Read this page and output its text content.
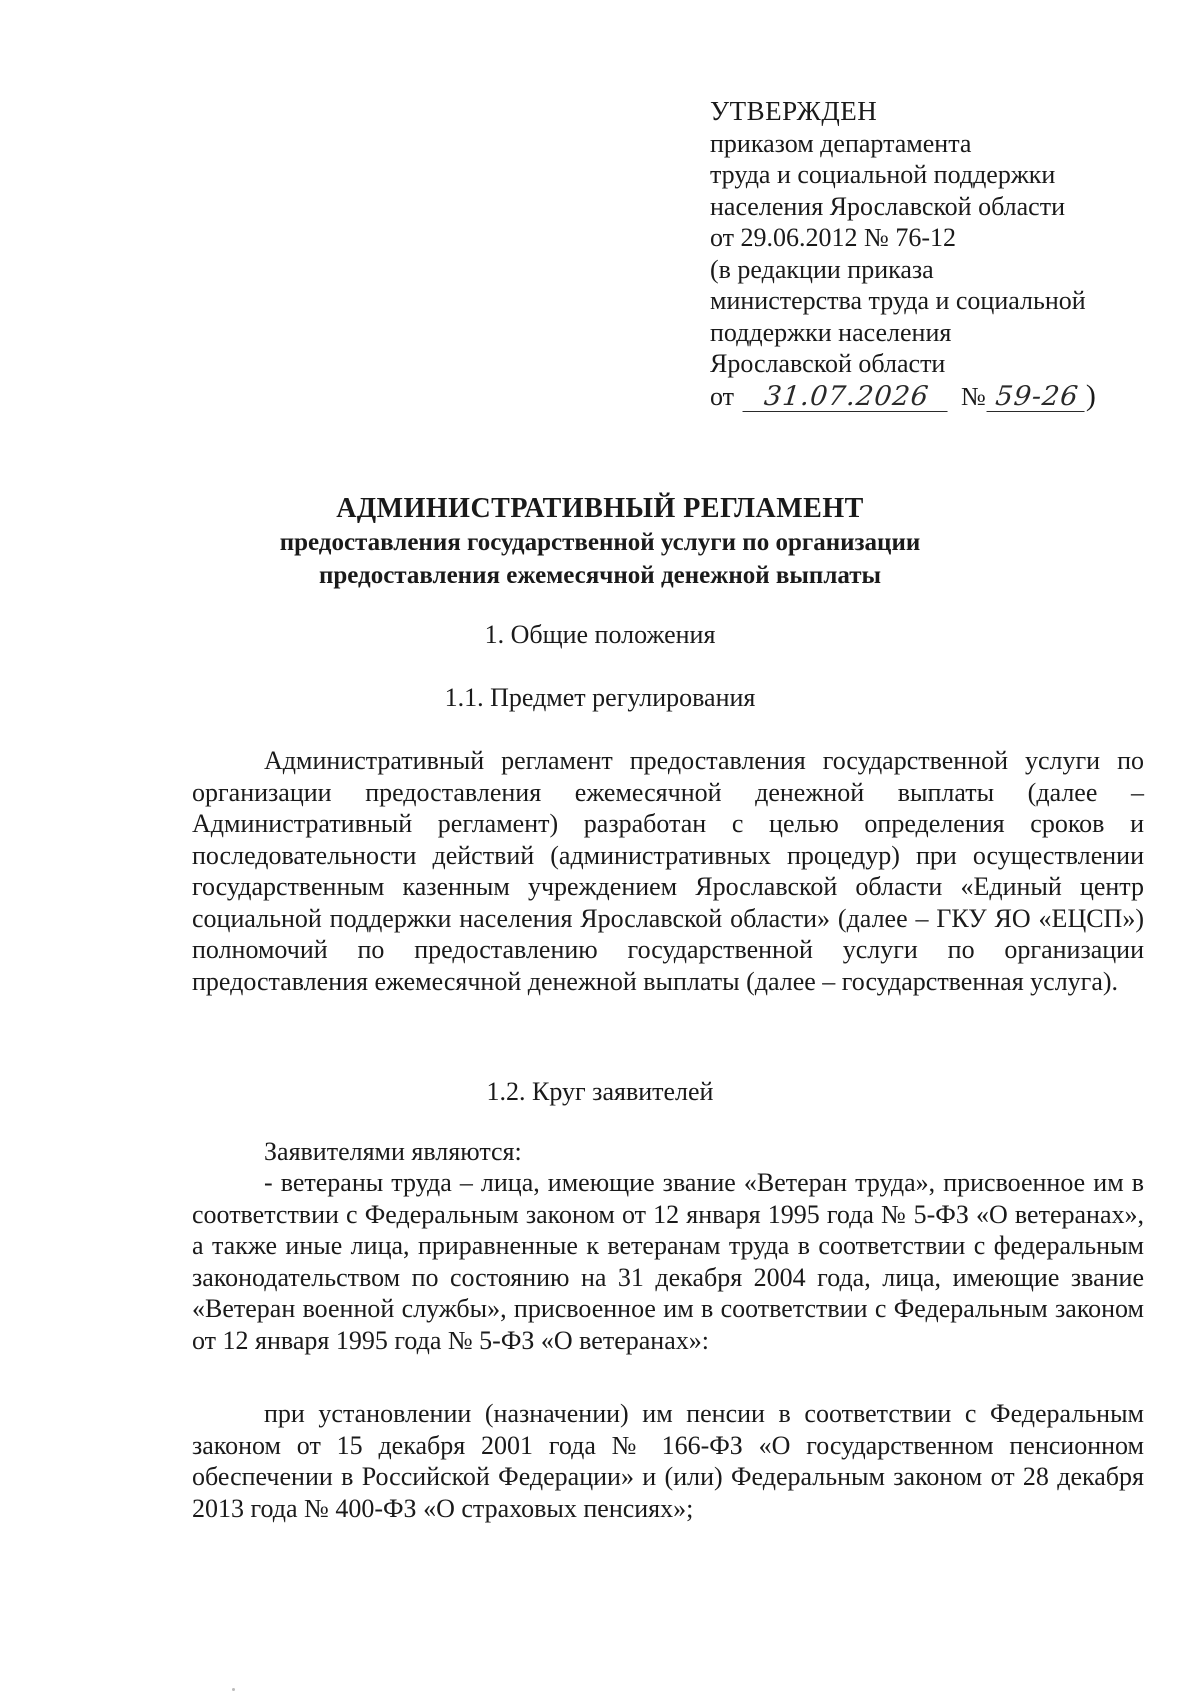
УТВЕРЖДЕН
приказом департамента
труда и социальной поддержки
населения Ярославской области
от 29.06.2012 № 76-12
(в редакции приказа
министерства труда и социальной
поддержки населения
Ярославской области
от 31.07.2026 № 59-26 )
АДМИНИСТРАТИВНЫЙ РЕГЛАМЕНТ
предоставления государственной услуги по организации
предоставления ежемесячной денежной выплаты
1. Общие положения
1.1. Предмет регулирования
Административный регламент предоставления государственной услуги по организации предоставления ежемесячной денежной выплаты (далее – Административный регламент) разработан с целью определения сроков и последовательности действий (административных процедур) при осуществлении государственным казенным учреждением Ярославской области «Единый центр социальной поддержки населения Ярославской области» (далее – ГКУ ЯО «ЕЦСП») полномочий по предоставлению государственной услуги по организации предоставления ежемесячной денежной выплаты (далее – государственная услуга).
1.2. Круг заявителей
Заявителями являются:
- ветераны труда – лица, имеющие звание «Ветеран труда», присвоенное им в соответствии с Федеральным законом от 12 января 1995 года № 5-ФЗ «О ветеранах», а также иные лица, приравненные к ветеранам труда в соответствии с федеральным законодательством по состоянию на 31 декабря 2004 года, лица, имеющие звание «Ветеран военной службы», присвоенное им в соответствии с Федеральным законом от 12 января 1995 года № 5-ФЗ «О ветеранах»:
при установлении (назначении) им пенсии в соответствии с Федеральным законом от 15 декабря 2001 года № 166-ФЗ «О государственном пенсионном обеспечении в Российской Федерации» и (или) Федеральным законом от 28 декабря 2013 года № 400-ФЗ «О страховых пенсиях»;
